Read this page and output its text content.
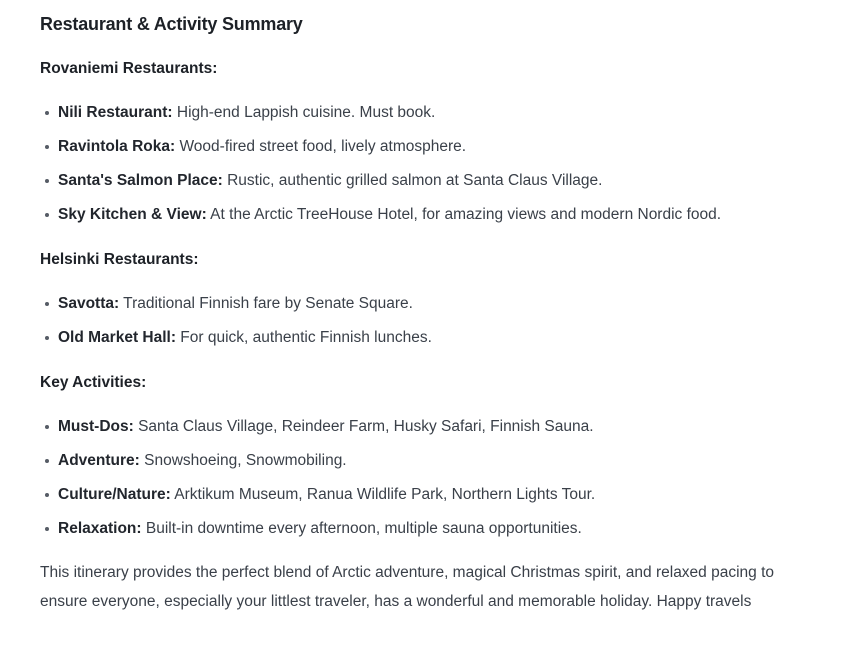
Restaurant & Activity Summary
Rovaniemi Restaurants:
Nili Restaurant: High-end Lappish cuisine. Must book.
Ravintola Roka: Wood-fired street food, lively atmosphere.
Santa's Salmon Place: Rustic, authentic grilled salmon at Santa Claus Village.
Sky Kitchen & View: At the Arctic TreeHouse Hotel, for amazing views and modern Nordic food.
Helsinki Restaurants:
Savotta: Traditional Finnish fare by Senate Square.
Old Market Hall: For quick, authentic Finnish lunches.
Key Activities:
Must-Dos: Santa Claus Village, Reindeer Farm, Husky Safari, Finnish Sauna.
Adventure: Snowshoeing, Snowmobiling.
Culture/Nature: Arktikum Museum, Ranua Wildlife Park, Northern Lights Tour.
Relaxation: Built-in downtime every afternoon, multiple sauna opportunities.

This itinerary provides the perfect blend of Arctic adventure, magical Christmas spirit, and relaxed pacing to ensure everyone, especially your littlest traveler, has a wonderful and memorable holiday. Happy travels
